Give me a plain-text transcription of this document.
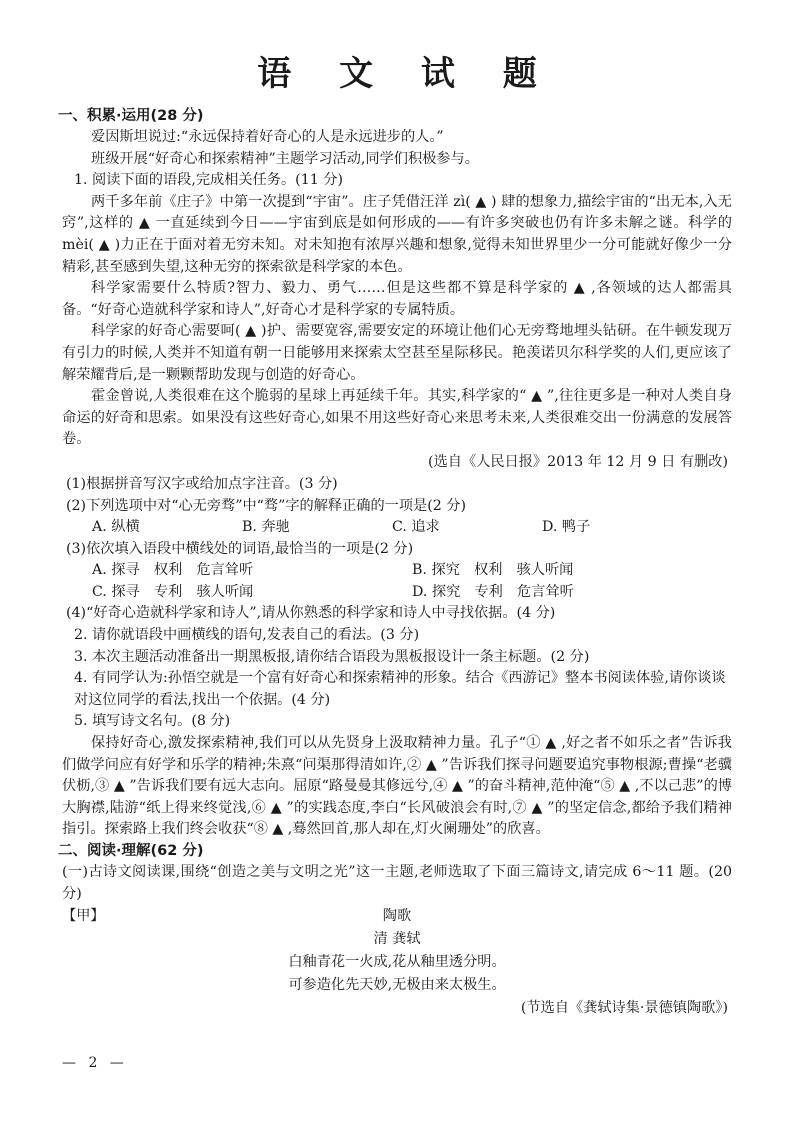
语 文 试 题
一、积累·运用(28 分)
爱因斯坦说过:“永远保持着好奇心的人是永远进步的人。”
班级开展“好奇心和探索精神”主题学习活动,同学们积极参与。
1. 阅读下面的语段,完成相关任务。(11 分)
两千多年前《庄子》中第一次提到“宇宙”。庄子凭借汪洋 zì( ▲ ) 肆的想象力,描绘宇宙的“出无本,入无窍”,这样的 ▲ 一直延续到今日——宇宙到底是如何形成的——有许多突破也仍有许多未解之谜。科学的 mèi( ▲ )力正在于面对着无穷未知。对未知抱有浓厚兴趣和想象,觉得未知世界里少一分可能就好像少一分精彩,甚至感到失望,这种无穷的探索欲是科学家的本色。
科学家需要什么特质?智力、毅力、勇气……但是这些都不算是科学家的 ▲ ,各领域的达人都需具备。“好奇心造就科学家和诗人”,好奇心才是科学家的专属特质。
科学家的好奇心需要呵( ▲ )护、需要宽容,需要安定的环境让他们心无旁骛地埋头钻研。在牛顿发现万有引力的时候,人类并不知道有朝一日能够用来探索太空甚至星际移民。艳羡诺贝尔科学奖的人们,更应该了解荣耀背后,是一颗颗帮助发现与创造的好奇心。
霍金曾说,人类很难在这个脆弱的星球上再延续千年。其实,科学家的“ ▲ ”,往往更多是一种对人类自身命运的好奇和思索。如果没有这些好奇心,如果不用这些好奇心来思考未来,人类很难交出一份满意的发展答卷。
(选自《人民日报》2013 年 12 月 9 日 有删改)
(1)根据拼音写汉字或给加点字注音。(3 分)
(2)下列选项中对“心无旁骛”中“骛”字的解释正确的一项是(2 分)
A. 纵横	B. 奔驰	C. 追求	D. 鸭子
(3)依次填入语段中横线处的词语,最恰当的一项是(2 分)
A. 探寻　权利　危言耸听	B. 探究　权利　骇人听闻
C. 探寻　专利　骇人听闻	D. 探究　专利　危言耸听
(4)“好奇心造就科学家和诗人”,请从你熟悉的科学家和诗人中寻找依据。(4 分)
2. 请你就语段中画横线的语句,发表自己的看法。(3 分)
3. 本次主题活动准备出一期黑板报,请你结合语段为黑板报设计一条主标题。(2 分)
4. 有同学认为:孙悟空就是一个富有好奇心和探索精神的形象。结合《西游记》整本书阅读体验,请你谈谈对这位同学的看法,找出一个依据。(4 分)
5. 填写诗文名句。(8 分)
保持好奇心,激发探索精神,我们可以从先贤身上汲取精神力量。孔子“① ▲ ,好之者不如乐之者”告诉我们做学问应有好学和乐学的精神;朱熹“问渠那得清如许,② ▲ ”告诉我们探寻问题要追究事物根源;曹操“老骥伏枥,③ ▲ ”告诉我们要有远大志向。屈原“路曼曼其修远兮,④ ▲ ”的奋斗精神,范仲淹“⑤ ▲ ,不以己悲”的博大胸襟,陆游“纸上得来终觉浅,⑥ ▲ ”的实践态度,李白“长风破浪会有时,⑦ ▲ ”的坚定信念,都给予我们精神指引。探索路上我们终会收获“⑧ ▲ ,蓦然回首,那人却在,灯火阑珊处”的欣喜。
二、阅读·理解(62 分)
(一)古诗文阅读课,围绕“创造之美与文明之光”这一主题,老师选取了下面三篇诗文,请完成 6～11 题。(20 分)
【甲】	陶歌
清 龚轼
白釉青花一火成,花从釉里透分明。
可参造化先天妙,无极由来太极生。
(节选自《龚轼诗集·景德镇陶歌》)
— 2 —
